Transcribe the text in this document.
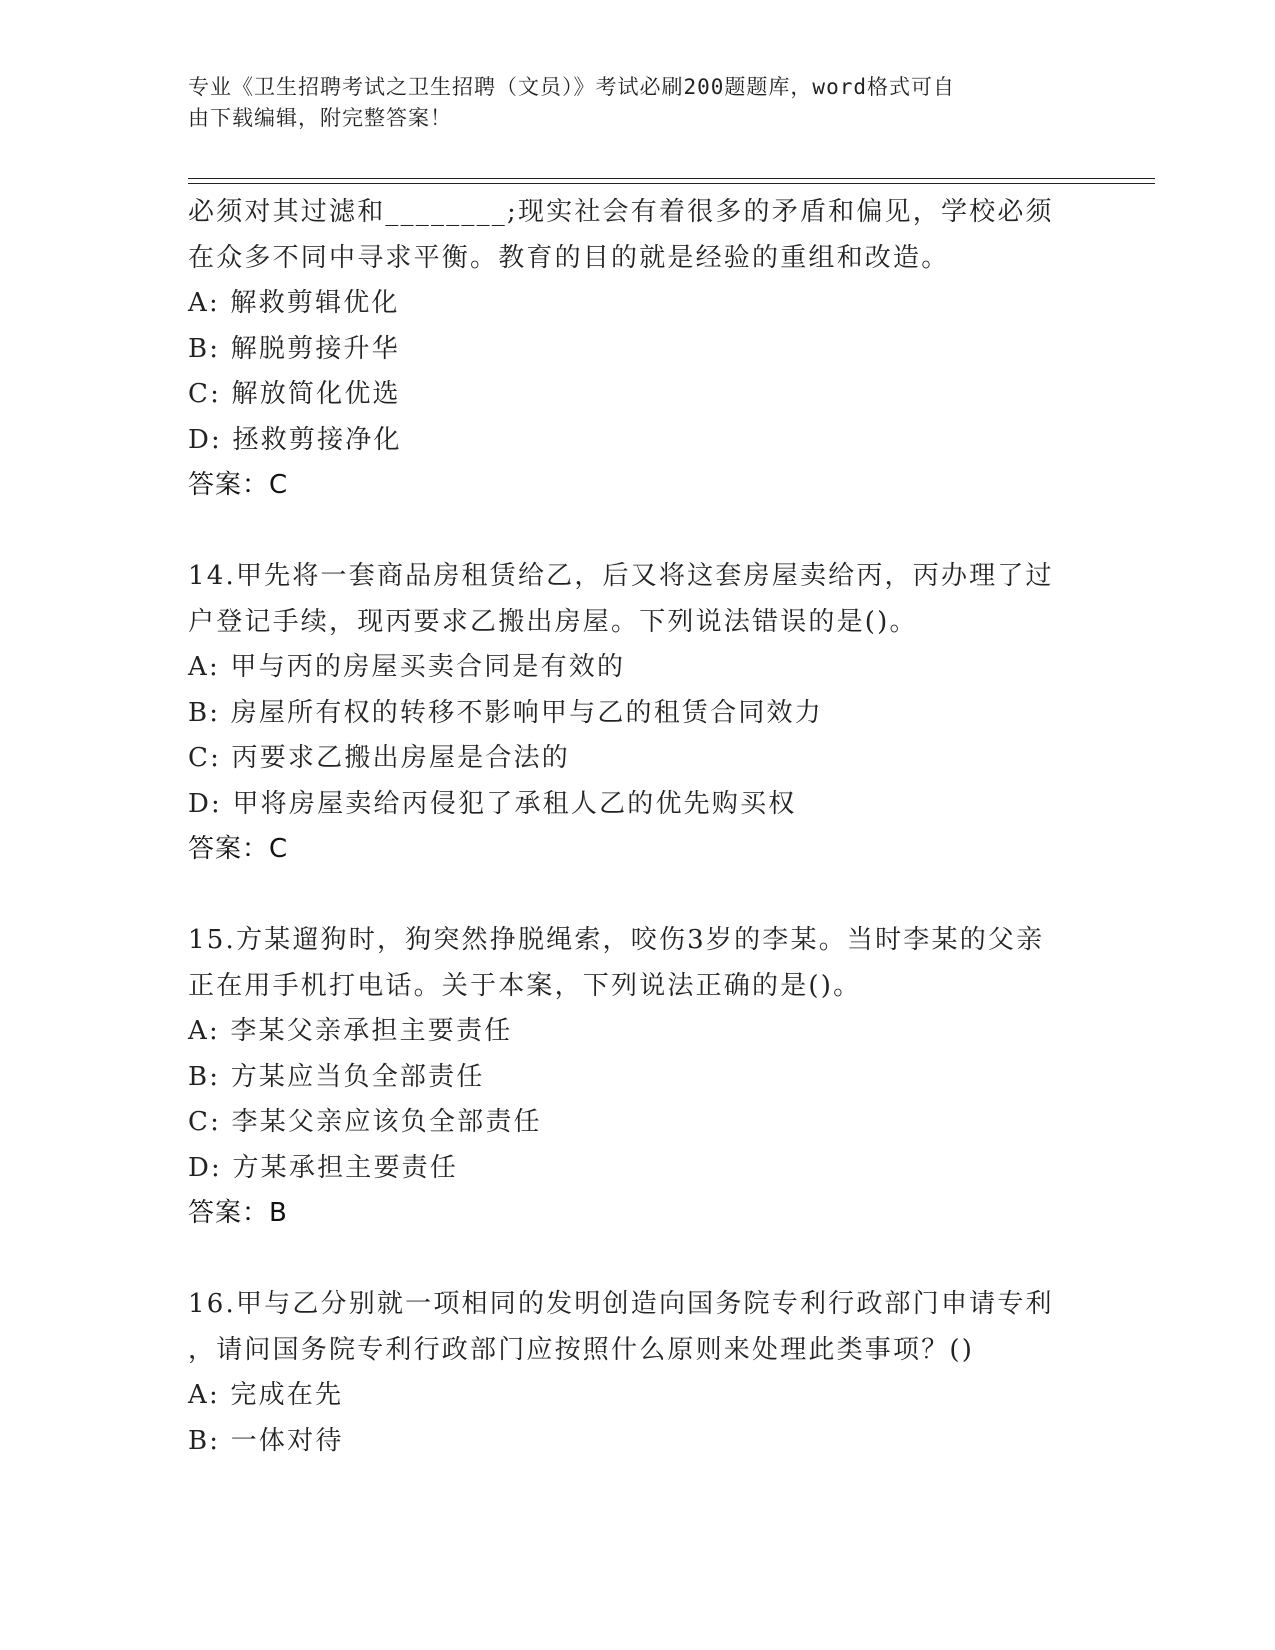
专业《卫生招聘考试之卫生招聘（文员）》考试必刷200题题库，word格式可自
由下载编辑，附完整答案！
必须对其过滤和________;现实社会有着很多的矛盾和偏见，学校必须
在众多不同中寻求平衡。教育的目的就是经验的重组和改造。
A: 解救剪辑优化
B: 解脱剪接升华
C: 解放简化优选
D: 拯救剪接净化
答案：C
14.甲先将一套商品房租赁给乙，后又将这套房屋卖给丙，丙办理了过
户登记手续，现丙要求乙搬出房屋。下列说法错误的是()。
A: 甲与丙的房屋买卖合同是有效的
B: 房屋所有权的转移不影响甲与乙的租赁合同效力
C: 丙要求乙搬出房屋是合法的
D: 甲将房屋卖给丙侵犯了承租人乙的优先购买权
答案：C
15.方某遛狗时，狗突然挣脱绳索，咬伤3岁的李某。当时李某的父亲
正在用手机打电话。关于本案，下列说法正确的是()。
A: 李某父亲承担主要责任
B: 方某应当负全部责任
C: 李某父亲应该负全部责任
D: 方某承担主要责任
答案：B
16.甲与乙分别就一项相同的发明创造向国务院专利行政部门申请专利
，请问国务院专利行政部门应按照什么原则来处理此类事项？()
A: 完成在先
B: 一体对待
